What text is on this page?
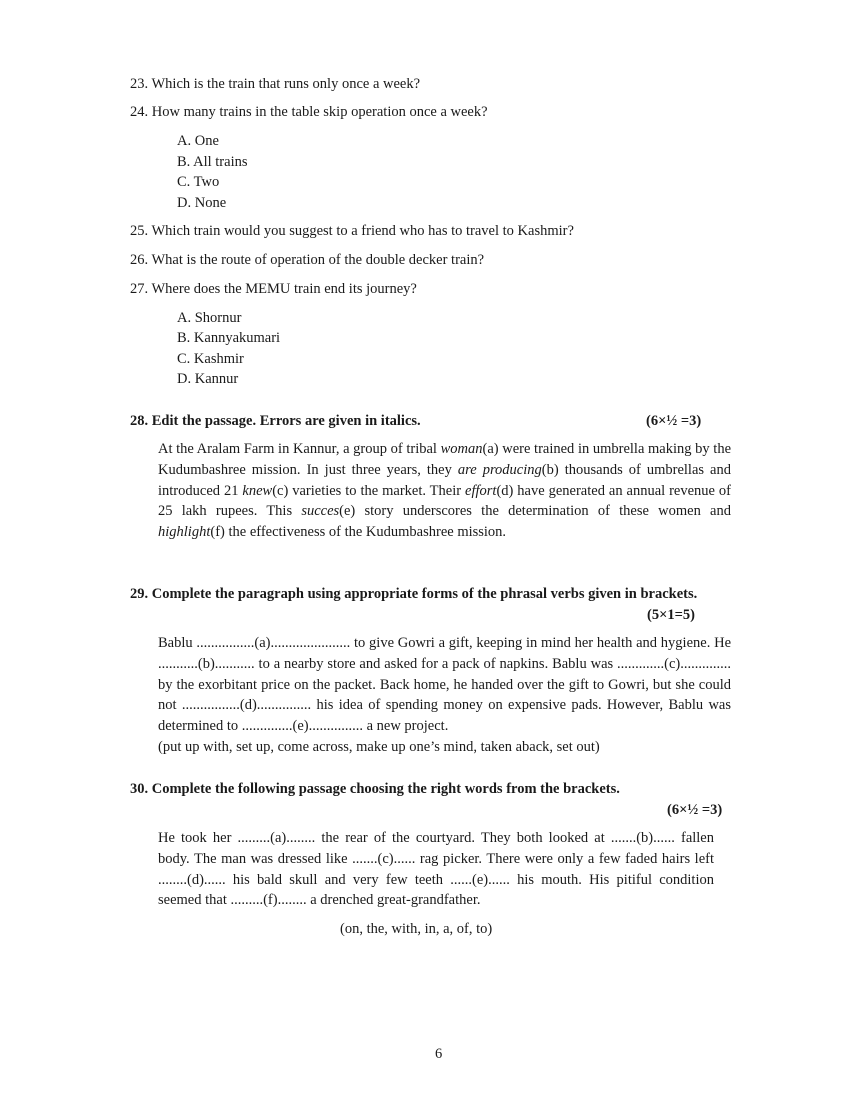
23. Which is the train that runs only once a week?
24. How many trains in the table skip operation once a week?
A. One
B. All trains
C. Two
D. None
25. Which train would you suggest to a friend who has to travel to Kashmir?
26. What is the route of operation of the double decker train?
27. Where does the MEMU train end its journey?
A. Shornur
B. Kannyakumari
C. Kashmir
D. Kannur
28. Edit the passage. Errors are given in italics.	(6×½ =3)

At the Aralam Farm in Kannur, a group of tribal woman(a) were trained in umbrella making by the Kudumbashree mission. In just three years, they are producing(b) thousands of umbrellas and introduced 21 knew(c) varieties to the market. Their effort(d) have generated an annual revenue of 25 lakh rupees. This succes(e) story underscores the determination of these women and highlight(f) the effectiveness of the Kudumbashree mission.

29. Complete the paragraph using appropriate forms of the phrasal verbs given in brackets.
(5×1=5)

Bablu ................(a)...................... to give Gowri a gift, keeping in mind her health and hygiene. He ...........(b)........... to a nearby store and asked for a pack of napkins. Bablu was .............(c).............. by the exorbitant price on the packet. Back home, he handed over the gift to Gowri, but she could not ................(d)............... his idea of spending money on expensive pads. However, Bablu was determined to ..............(e)............... a new project.

(put up with, set up, come across, make up one’s mind, taken aback, set out)

30. Complete the following passage choosing the right words from the brackets.
(6×½ =3)
He took her .........(a)........ the rear of the courtyard. They both looked at .......(b)...... fallen body. The man was dressed like .......(c)...... rag picker. There were only a few faded hairs left ........(d)...... his bald skull and very few teeth ......(e)...... his mouth. His pitiful condition seemed that .........(f)........ a drenched great-grandfather.
(on, the, with, in, a, of, to)
6
